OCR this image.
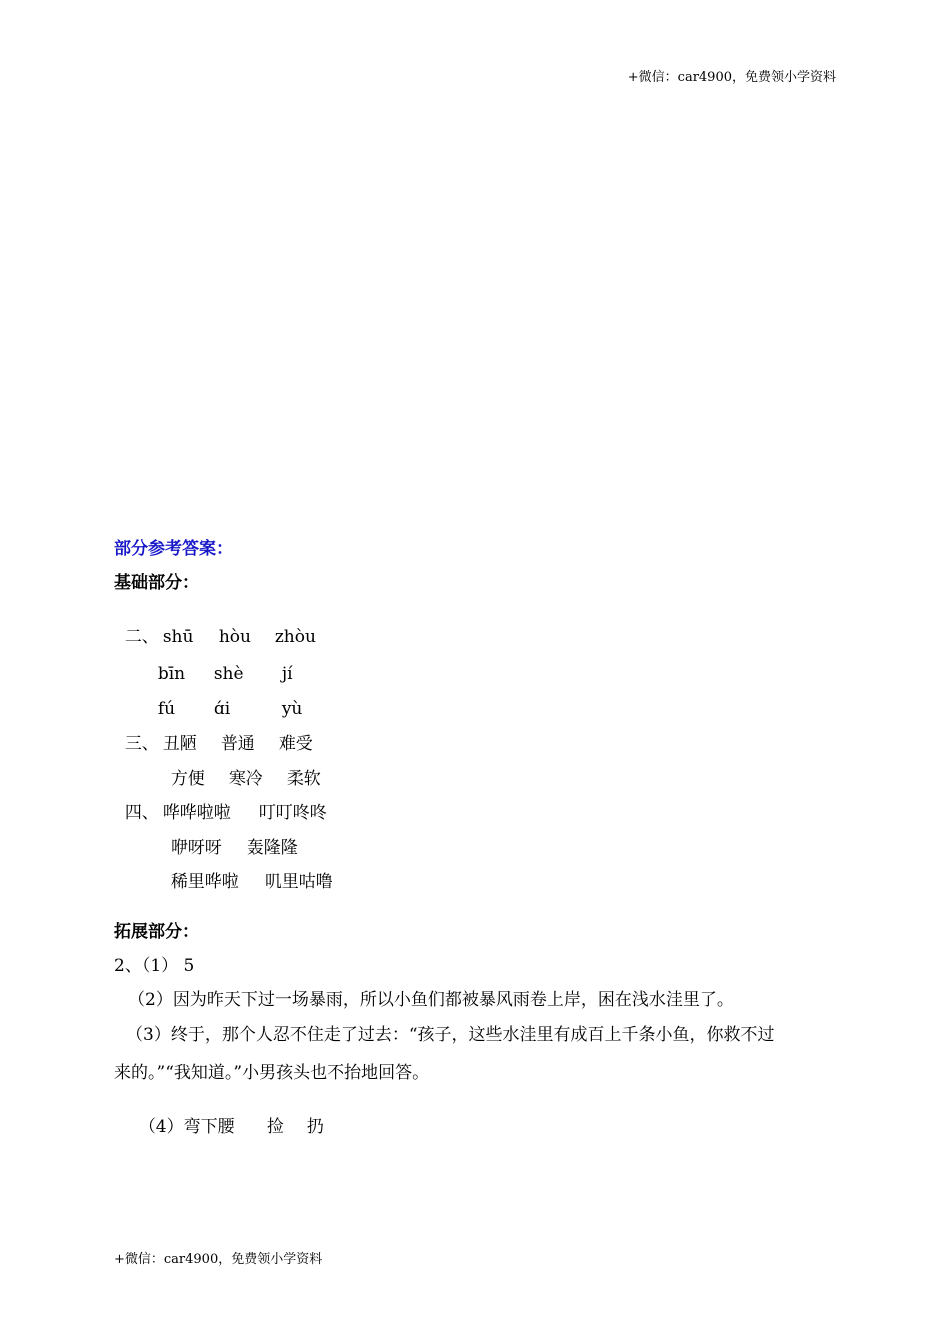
+微信：car4900，免费领小学资料
部分参考答案：
基础部分：

二、 shū hòu zhòu

bīn shè jí

fú ɑ́i	yù

三、 丑陋 普通 难受

方便 寒冷 柔软

四、 哗哗啦啦 叮叮咚咚

咿呀呀 轰隆隆

稀里哗啦 叽里咕噜

拓展部分：
2、（1） 5
（2）因为昨天下过一场暴雨，所以小鱼们都被暴风雨卷上岸，困在浅水洼里了。
（3）终于，那个人忍不住走了过去：“孩子，这些水洼里有成百上千条小鱼，你救不过
来的。”“我知道。”小男孩头也不抬地回答。

（4）弯下腰 捡 扔

+微信：car4900，免费领小学资料
